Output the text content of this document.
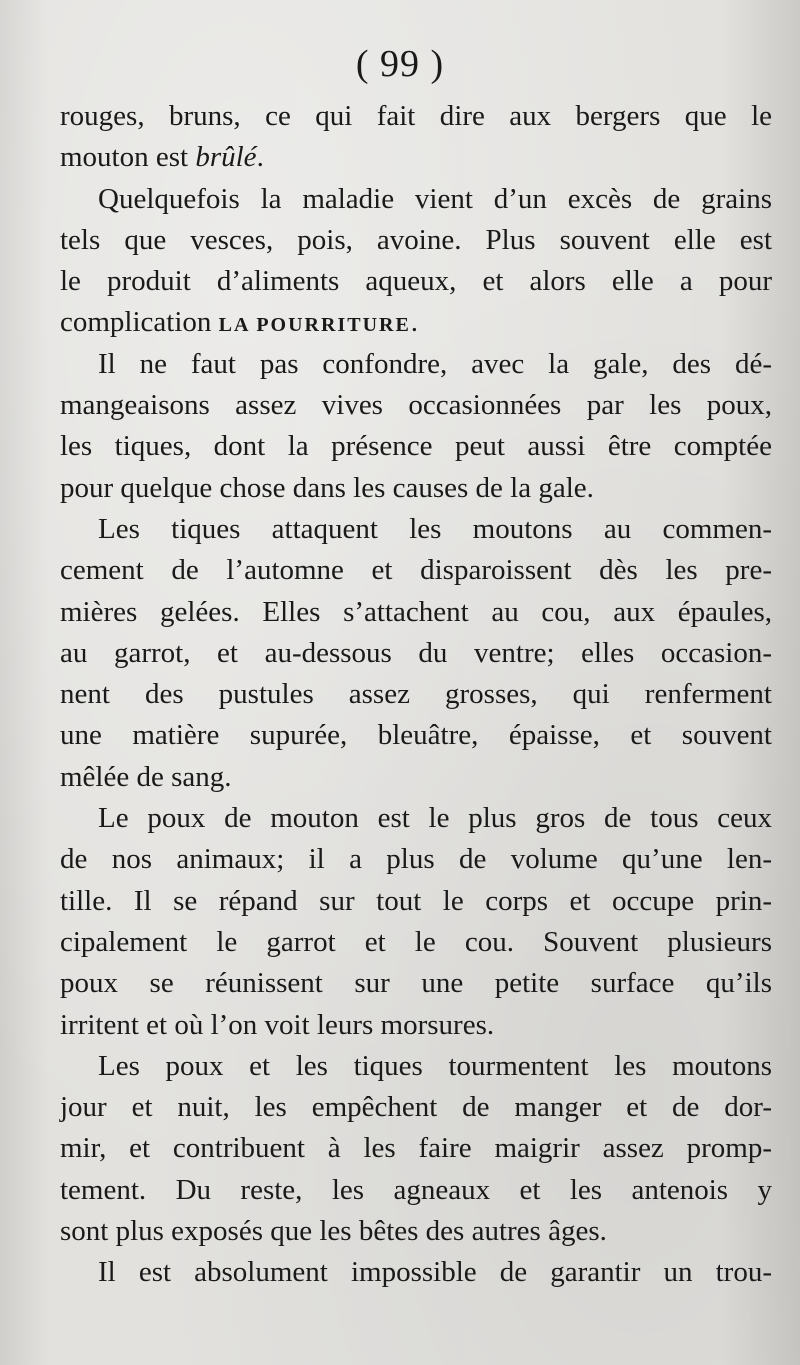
( 99 )
rouges, bruns, ce qui fait dire aux bergers que le
mouton est brûlé.
Quelquefois la maladie vient d’un excès de grains
tels que vesces, pois, avoine. Plus souvent elle est
le produit d’aliments aqueux, et alors elle a pour
complication LA POURRITURE.
Il ne faut pas confondre, avec la gale, des dé-
mangeaisons assez vives occasionnées par les poux,
les tiques, dont la présence peut aussi être comptée
pour quelque chose dans les causes de la gale.
Les tiques attaquent les moutons au commen-
cement de l’automne et disparoissent dès les pre-
mières gelées. Elles s’attachent au cou, aux épaules,
au garrot, et au-dessous du ventre; elles occasion-
nent des pustules assez grosses, qui renferment
une matière supurée, bleuâtre, épaisse, et souvent
mêlée de sang.
Le poux de mouton est le plus gros de tous ceux
de nos animaux; il a plus de volume qu’une len-
tille. Il se répand sur tout le corps et occupe prin-
cipalement le garrot et le cou. Souvent plusieurs
poux se réunissent sur une petite surface qu’ils
irritent et où l’on voit leurs morsures.
Les poux et les tiques tourmentent les moutons
jour et nuit, les empêchent de manger et de dor-
mir, et contribuent à les faire maigrir assez promp-
tement. Du reste, les agneaux et les antenois y
sont plus exposés que les bêtes des autres âges.
Il est absolument impossible de garantir un trou-
